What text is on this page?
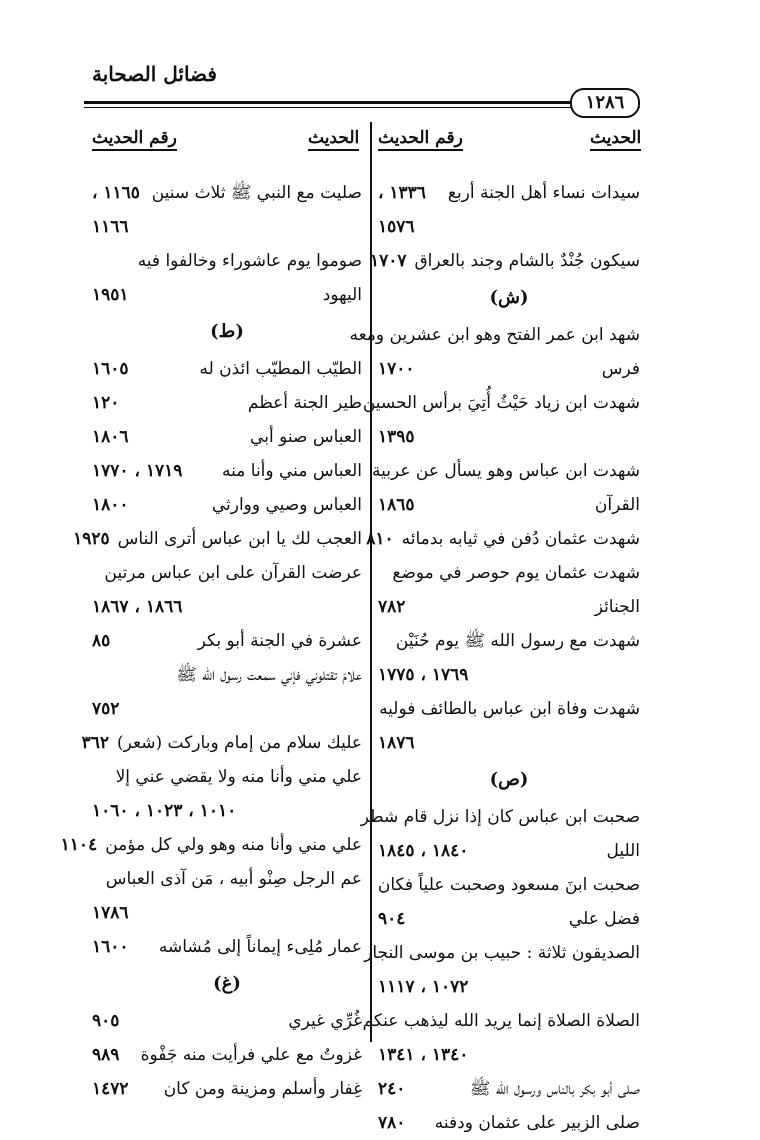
فضائل الصحابة
١٢٨٦
الحديث
رقم الحديث
الحديث
رقم الحديث
سيدات نساء أهل الجنة أربع
١٣٣٦ ،
١٥٧٦
سيكون جُنْدٌ بالشام وجند بالعراق
١٧٠٧
(ش)
شهد ابن عمر الفتح وهو ابن عشرين ومعه
فرس
١٧٠٠
شهدت ابن زياد حَيْثُ أُتِيَ برأس الحسين
١٣٩٥
شهدت ابن عباس وهو يسأل عن عربية
القرآن
١٨٦٥
شهدت عثمان دُفن في ثيابه بدمائه
٨١٠
شهدت عثمان يوم حوصر في موضع
الجنائز
٧٨٢
شهدت مع رسول الله ﷺ يوم حُنَيْن
١٧٦٩ ، ١٧٧٥
شهدت وفاة ابن عباس بالطائف فوليه
١٨٧٦
(ص)
صحبت ابن عباس كان إذا نزل قام شطر
الليل
١٨٤٠ ، ١٨٤٥
صحبت ابنَ مسعود وصحبت علياً فكان
فضل علي
٩٠٤
الصديقون ثلاثة : حبيب بن موسى النجار
١٠٧٢ ، ١١١٧
الصلاة الصلاة إنما يريد الله ليذهب عنكم
١٣٤٠ ، ١٣٤١
صلى أبو بكر بالناس ورسول الله ﷺ
٢٤٠
صلى الزبير على عثمان ودفنه
٧٨٠
صليت مع النبي ﷺ ثلاث سنين
١١٦٥ ،
١١٦٦
صوموا يوم عاشوراء وخالفوا فيه
اليهود
١٩٥١
(ط)
الطيّب المطيّب ائذن له
١٦٠٥
طير الجنة أعظم
١٢٠
العباس صنو أبي
١٨٠٦
العباس مني وأنا منه
١٧١٩ ، ١٧٧٠
العباس وصيي ووارثي
١٨٠٠
العجب لك يا ابن عباس أترى الناس
١٩٢٥
عرضت القرآن على ابن عباس مرتين
١٨٦٦ ، ١٨٦٧
عشرة في الجنة أبو بكر
٨٥
علامَ تقتلوني فإني سمعت رسول الله ﷺ
٧٥٢
عليك سلام من إمام وباركت (شعر)
٣٦٢
علي مني وأنا منه ولا يقضي عني إلا
١٠١٠ ، ١٠٢٣ ، ١٠٦٠
علي مني وأنا منه وهو ولي كل مؤمن
١١٠٤
عم الرجل صِنْو أبيه ، مَن آذى العباس
١٧٨٦
عمار مُلِىء إيماناً إلى مُشاشه
١٦٠٠
(غ)
غُرِّي غيري
٩٠٥
غزوتُ مع علي فرأيت منه جَفْوة
٩٨٩
غِفار وأسلم ومزينة ومن كان
١٤٧٢
